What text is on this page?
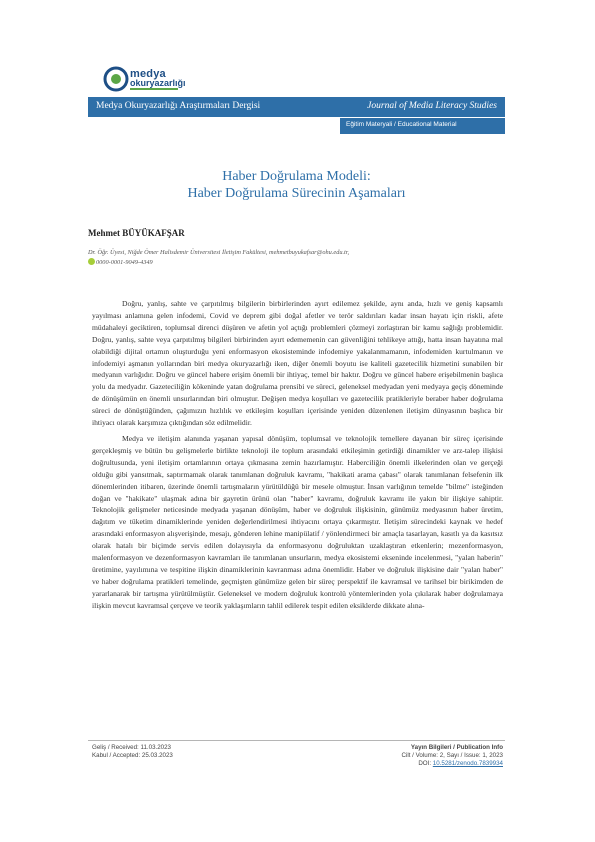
medya
okuryazarlığı
Medya Okuryazarlığı Araştırmaları Dergisi	Journal of Media Literacy Studies
Eğitim Materyali / Educational Material
Haber Doğrulama Modeli:
Haber Doğrulama Sürecinin Aşamaları
Mehmet BÜYÜKAFŞAR
Dr. Öğr. Üyesi, Niğde Ömer Halisdemir Üniversitesi İletişim Fakültesi, mehmetbuyukafsar@ohu.edu.tr,
0000-0001-9049-4349

Doğru, yanlış, sahte ve çarpıtılmış bilgilerin birbirlerinden ayırt edilemez şekilde, aynı anda, hızlı ve geniş kapsamlı yayılması anlamına gelen infodemi, Covid ve deprem gibi doğal afetler ve terör saldırıları kadar insan hayatı için riskli, afete müdahaleyi geciktiren, toplumsal direnci düşüren ve afetin yol açtığı problemleri çözmeyi zorlaştıran bir kamu sağlığı problemidir. Doğru, yanlış, sahte veya çarpıtılmış bilgileri birbirinden ayırt edememenin can güvenliğini tehlikeye attığı, hatta insan hayatına mal olabildiği dijital ortamın oluşturduğu yeni enformasyon ekosisteminde infodemiye yakalanmamanın, infodemiden kurtulmanın ve infodemiyi aşmanın yollarından biri medya okuryazarlığı iken, diğer önemli boyutu ise kaliteli gazetecilik hizmetini sunabilen bir medyanın varlığıdır. Doğru ve güncel habere erişim önemli bir ihtiyaç, temel bir haktır. Doğru ve güncel habere erişebilmenin başlıca yolu da medyadır. Gazeteciliğin kökeninde yatan doğrulama prensibi ve süreci, geleneksel medyadan yeni medyaya geçiş döneminde de dönüşümün en önemli unsurlarından biri olmuştur. Değişen medya koşulları ve gazetecilik pratikleriyle beraber haber doğrulama süreci de dönüştüğünden, çağımızın hızlılık ve etkileşim koşulları içerisinde yeniden düzenlenen iletişim dünyasının başlıca bir ihtiyacı olarak karşımıza çıktığından söz edilmelidir.

Medya ve iletişim alanında yaşanan yapısal dönüşüm, toplumsal ve teknolojik temellere dayanan bir süreç içerisinde gerçekleşmiş ve bütün bu gelişmelerle birlikte teknoloji ile toplum arasındaki etkileşimin getirdiği dinamikler ve arz-talep ilişkisi doğrultusunda, yeni iletişim ortamlarının ortaya çıkmasına zemin hazırlamıştır. Haberciliğin önemli ilkelerinden olan ve gerçeği olduğu gibi yansıtmak, saptırmamak olarak tanımlanan doğruluk kavramı, "hakikati arama çabası" olarak tanımlanan felsefenin ilk dönemlerinden itibaren, üzerinde önemli tartışmaların yürütüldüğü bir mesele olmuştur. İnsan varlığının temelde "bilme" isteğinden doğan ve "hakikate" ulaşmak adına bir gayretin ürünü olan "haber" kavramı, doğruluk kavramı ile yakın bir ilişkiye sahiptir. Teknolojik gelişmeler neticesinde medyada yaşanan dönüşüm, haber ve doğruluk ilişkisinin, günümüz medyasının haber üretim, dağıtım ve tüketim dinamiklerinde yeniden değerlendirilmesi ihtiyacını ortaya çıkarmıştır. İletişim sürecindeki kaynak ve hedef arasındaki enformasyon alışverişinde, mesajı, gönderen lehine manipülatif / yönlendirmeci bir amaçla tasarlayan, kasıtlı ya da kasıtsız olarak hatalı bir biçimde servis edilen dolayısıyla da enformasyonu doğruluktan uzaklaştıran etkenlerin; mezenformasyon, malenformasyon ve dezenformasyon kavramları ile tanımlanan unsurların, medya ekosistemi ekseninde incelenmesi, "yalan haberin" üretimine, yayılımına ve tespitine ilişkin dinamiklerinin kavranması adına önemlidir. Haber ve doğruluk ilişkisine dair "yalan haber" ve haber doğrulama pratikleri temelinde, geçmişten günümüze gelen bir süreç perspektif ile kavramsal ve tarihsel bir birikimden de yararlanarak bir tartışma yürütülmüştür. Geleneksel ve modern doğruluk kontrolü yöntemlerinden yola çıkılarak haber doğrulamaya ilişkin mevcut kavramsal çerçeve ve teorik yaklaşımların tahlil edilerek tespit edilen eksiklerde dikkate alına-

Geliş / Received: 11.03.2023
Kabul / Accepted: 25.03.2023
Yayın Bilgileri / Publication Info
Cilt / Volume: 2, Sayı / Issue: 1, 2023
DOI: 10.5281/zenodo.7839934
